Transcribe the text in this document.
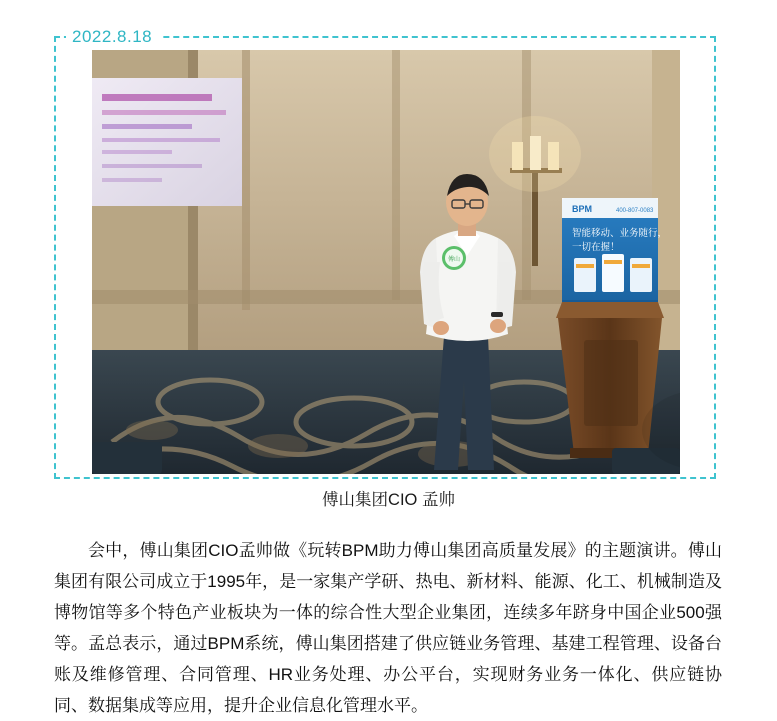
2022.8.18
BPM	400-807-0083
智能移动、业务随行，
一切在握！
傅山
傅山集团CIO 孟帅

会中，傅山集团CIO孟帅做《玩转BPM助力傅山集团高质量发展》的主题演讲。傅山集团有限公司成立于1995年，是一家集产学研、热电、新材料、能源、化工、机械制造及博物馆等多个特色产业板块为一体的综合性大型企业集团，连续多年跻身中国企业500强等。孟总表示，通过BPM系统，傅山集团搭建了供应链业务管理、基建工程管理、设备台账及维修管理、合同管理、HR业务处理、办公平台，实现财务业务一体化、供应链协同、数据集成等应用，提升企业信息化管理水平。
